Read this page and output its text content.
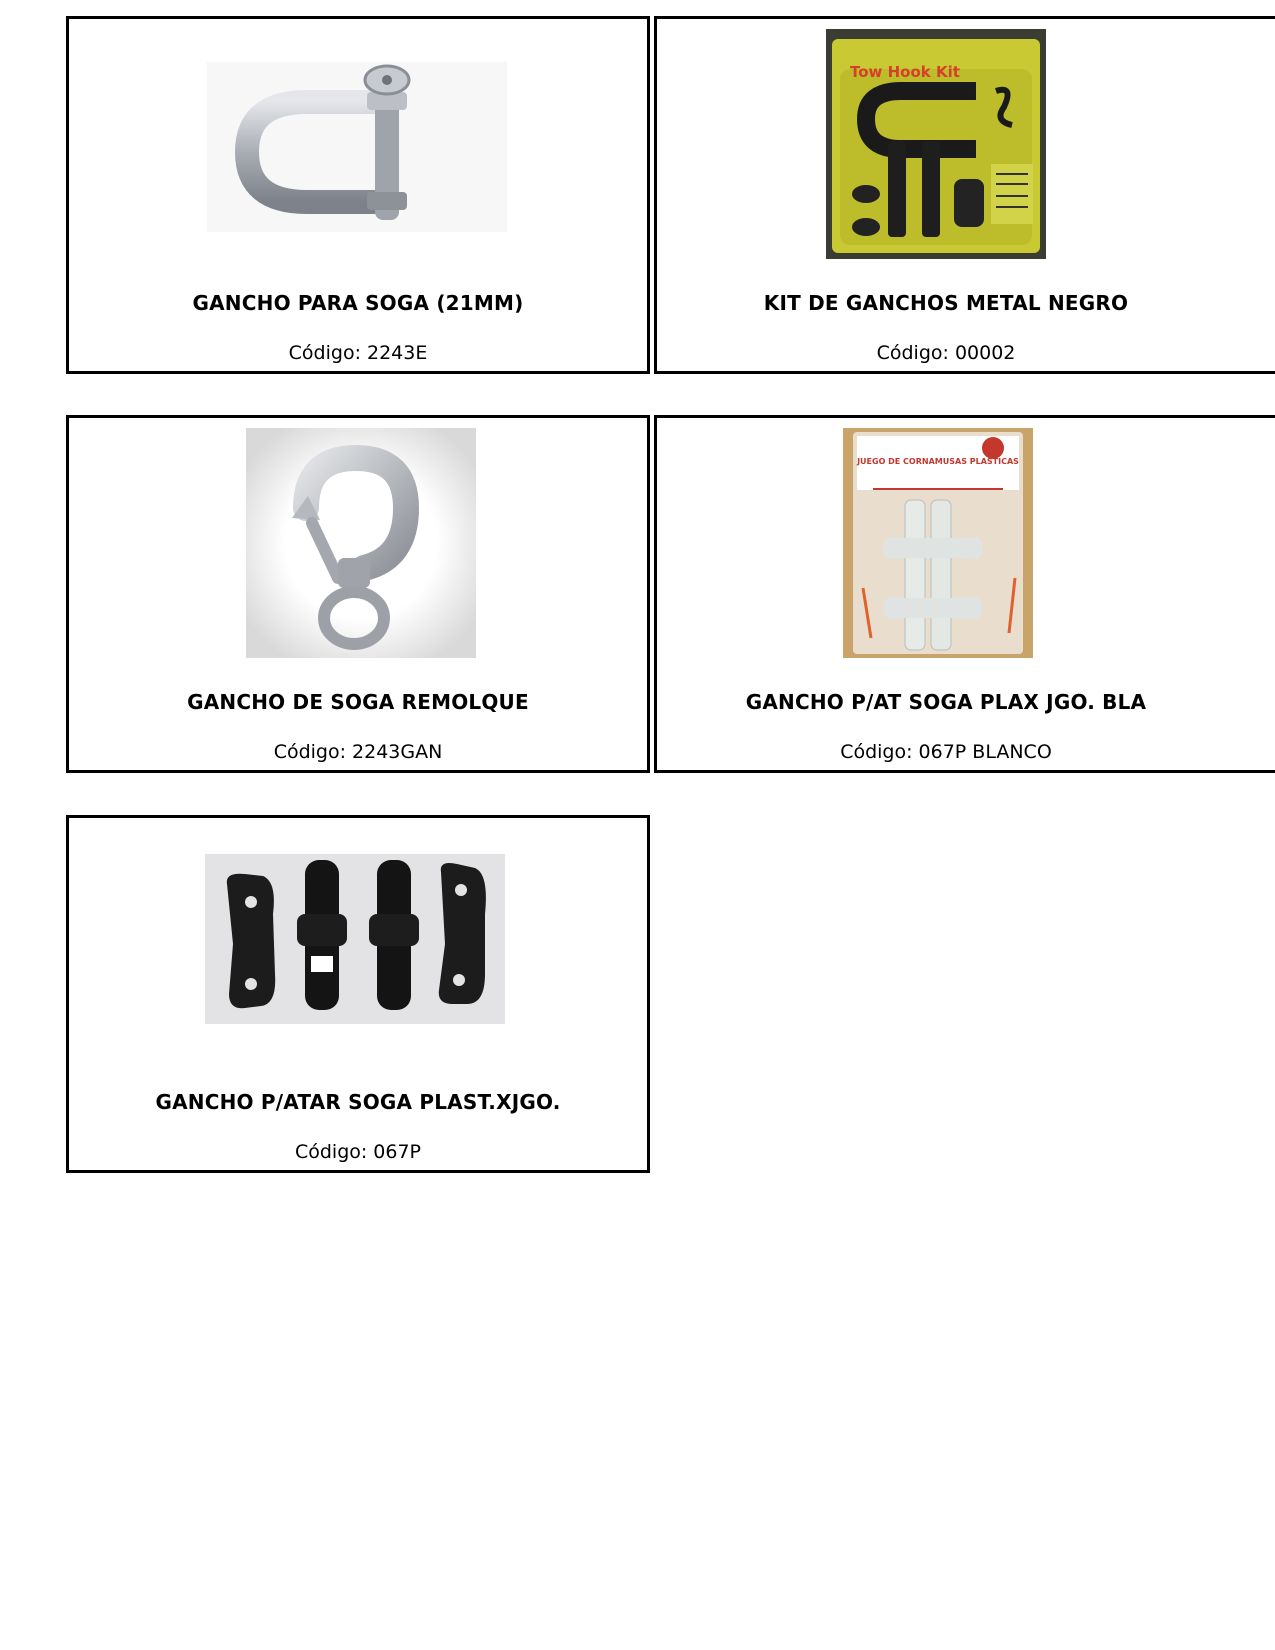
GANCHO PARA SOGA (21MM)
Código: 2243E
Tow Hook Kit
KIT DE GANCHOS METAL NEGRO
Código: 00002
GANCHO DE SOGA REMOLQUE
Código: 2243GAN
JUEGO DE CORNAMUSAS PLASTICAS
GANCHO P/AT SOGA PLAX JGO. BLA
Código: 067P BLANCO
GANCHO P/ATAR SOGA PLAST.XJGO.
Código: 067P
